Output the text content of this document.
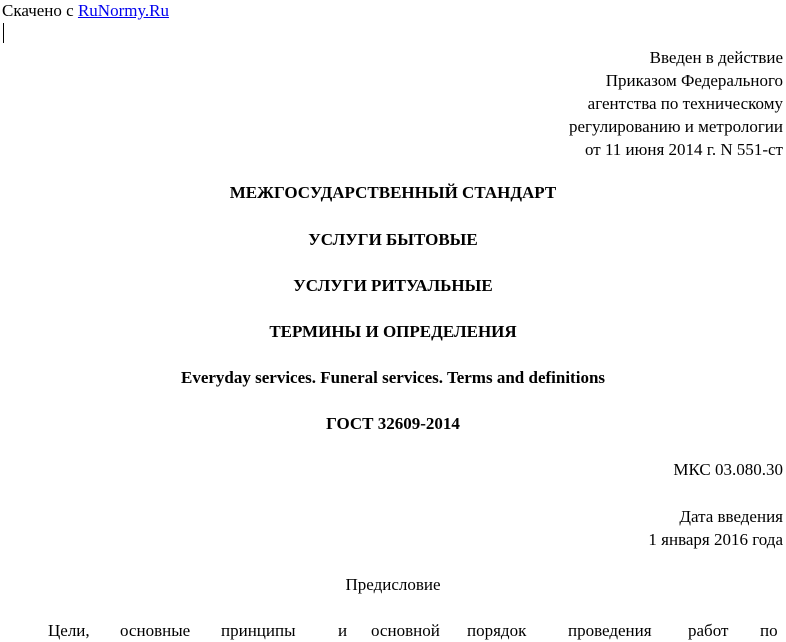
Скачено с RuNormy.Ru
Введен в действие
Приказом Федерального
агентства по техническому
регулированию и метрологии
от 11 июня 2014 г. N 551-ст
МЕЖГОСУДАРСТВЕННЫЙ СТАНДАРТ
УСЛУГИ БЫТОВЫЕ
УСЛУГИ РИТУАЛЬНЫЕ
ТЕРМИНЫ И ОПРЕДЕЛЕНИЯ
Everyday services. Funeral services. Terms and definitions
ГОСТ 32609-2014
МКС 03.080.30
Дата введения
1 января 2016 года
Предисловие
Цели, основные принципы и основной порядок проведения работ по
